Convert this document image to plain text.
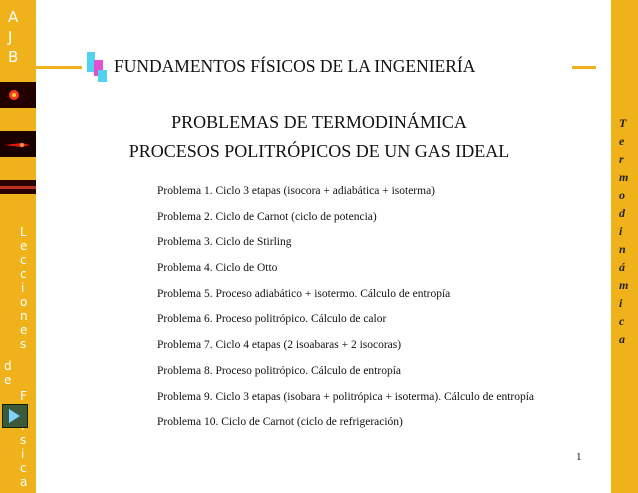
A
J
B
L
e
c
c
i
o
n
e
s
d
e
F
s
i
c
a
T
e
r
m
o
d
i
n
á
m
i
c
a
FUNDAMENTOS FÍSICOS DE LA INGENIERÍA
PROBLEMAS DE TERMODINÁMICA
PROCESOS POLITRÓPICOS DE UN GAS IDEAL
Problema 1. Ciclo 3 etapas (isocora + adiabática + isoterma)
Problema 2. Ciclo de Carnot (ciclo de potencia)
Problema 3. Ciclo de Stirling
Problema 4. Ciclo de Otto
Problema 5. Proceso adiabático + isotermo. Cálculo de entropía
Problema 6. Proceso politrópico. Cálculo de calor
Problema 7. Ciclo 4 etapas (2 isoabaras + 2 isocoras)
Problema 8. Proceso politrópico. Cálculo de entropía
Problema 9. Ciclo 3 etapas (isobara + politrópica + isoterma). Cálculo de entropía
Problema 10. Ciclo de Carnot (ciclo de refrigeración)
1
